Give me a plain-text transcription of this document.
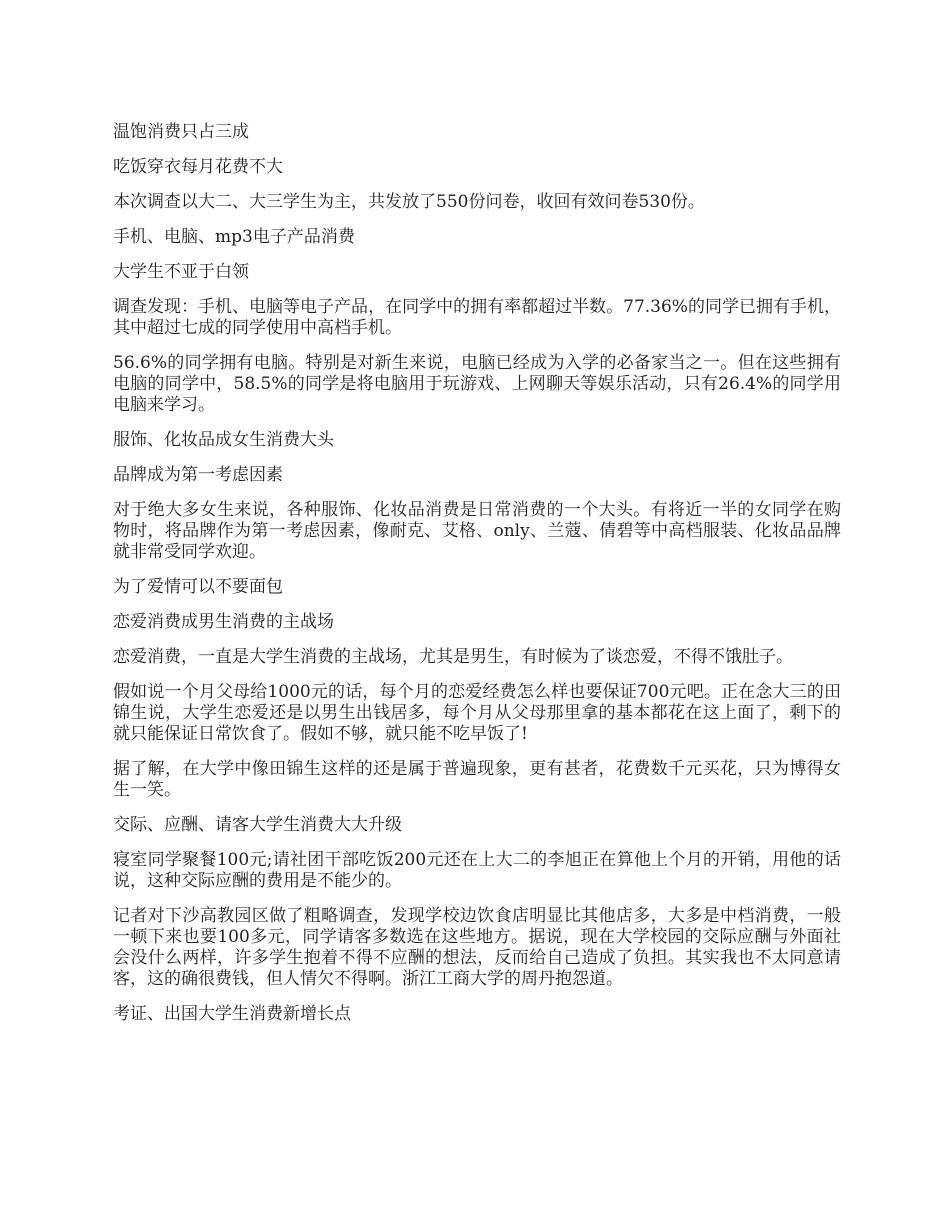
温饱消费只占三成

吃饭穿衣每月花费不大

本次调查以大二、大三学生为主，共发放了550份问卷，收回有效问卷530份。

手机、电脑、mp3电子产品消费

大学生不亚于白领

调查发现：手机、电脑等电子产品，在同学中的拥有率都超过半数。77.36%的同学已拥有手机，其中超过七成的同学使用中高档手机。

56.6%的同学拥有电脑。特别是对新生来说，电脑已经成为入学的必备家当之一。但在这些拥有电脑的同学中，58.5%的同学是将电脑用于玩游戏、上网聊天等娱乐活动，只有26.4%的同学用电脑来学习。

服饰、化妆品成女生消费大头

品牌成为第一考虑因素

对于绝大多女生来说，各种服饰、化妆品消费是日常消费的一个大头。有将近一半的女同学在购物时，将品牌作为第一考虑因素，像耐克、艾格、only、兰蔻、倩碧等中高档服装、化妆品品牌就非常受同学欢迎。

为了爱情可以不要面包

恋爱消费成男生消费的主战场

恋爱消费，一直是大学生消费的主战场，尤其是男生，有时候为了谈恋爱，不得不饿肚子。

假如说一个月父母给1000元的话，每个月的恋爱经费怎么样也要保证700元吧。正在念大三的田锦生说，大学生恋爱还是以男生出钱居多，每个月从父母那里拿的基本都花在这上面了，剩下的就只能保证日常饮食了。假如不够，就只能不吃早饭了!

据了解，在大学中像田锦生这样的还是属于普遍现象，更有甚者，花费数千元买花，只为博得女生一笑。

交际、应酬、请客大学生消费大大升级

寝室同学聚餐100元;请社团干部吃饭200元还在上大二的李旭正在算他上个月的开销，用他的话说，这种交际应酬的费用是不能少的。

记者对下沙高教园区做了粗略调查，发现学校边饮食店明显比其他店多，大多是中档消费，一般一顿下来也要100多元，同学请客多数选在这些地方。据说，现在大学校园的交际应酬与外面社会没什么两样，许多学生抱着不得不应酬的想法，反而给自己造成了负担。其实我也不太同意请客，这的确很费钱，但人情欠不得啊。浙江工商大学的周丹抱怨道。

考证、出国大学生消费新增长点
